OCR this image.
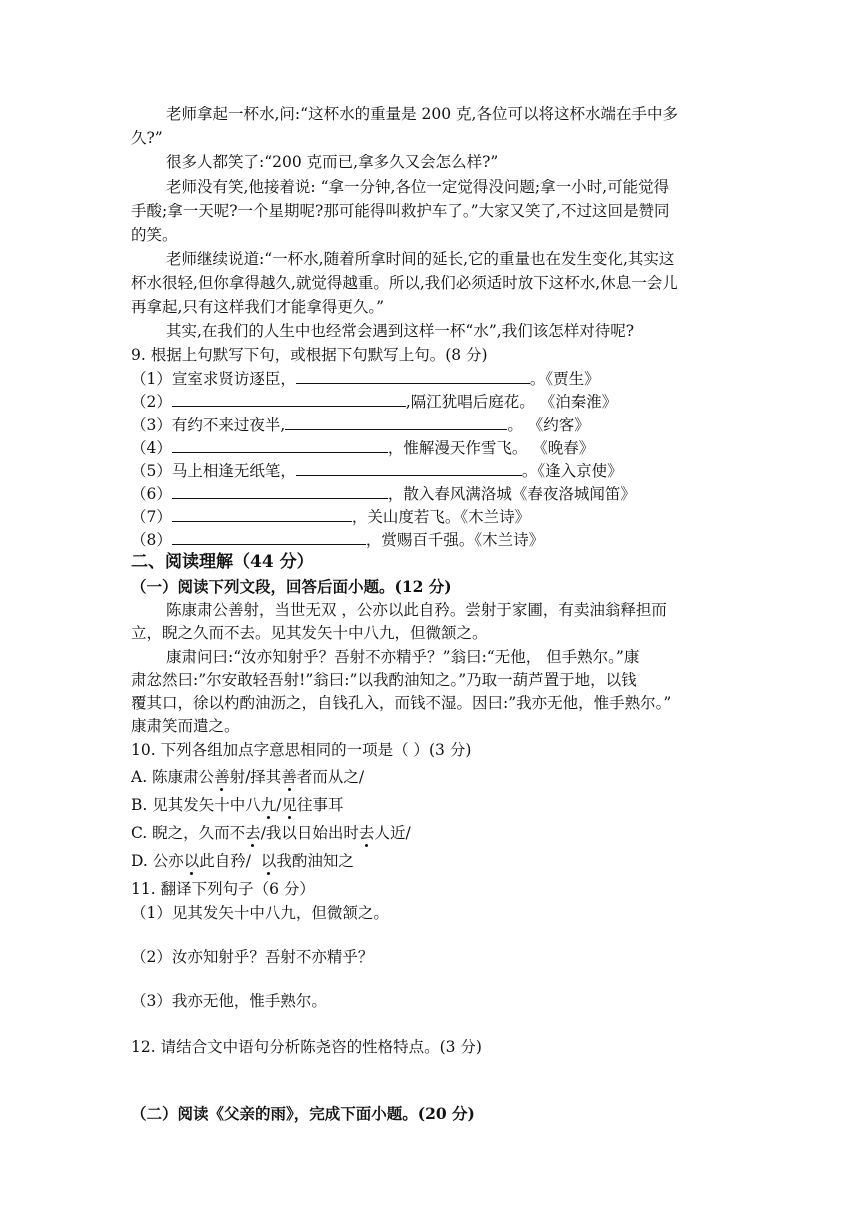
老师拿起一杯水,问:“这杯水的重量是 200 克,各位可以将这杯水端在手中多
久?”
很多人都笑了:“200 克而已,拿多久又会怎么样?”
老师没有笑,他接着说: “拿一分钟,各位一定觉得没问题;拿一小时,可能觉得
手酸;拿一天呢?一个星期呢?那可能得叫救护车了。”大家又笑了,不过这回是赞同
的笑。
老师继续说道:“一杯水,随着所拿时间的延长,它的重量也在发生变化,其实这
杯水很轻,但你拿得越久,就觉得越重。所以,我们必须适时放下这杯水,休息一会儿
再拿起,只有这样我们才能拿得更久。”
其实,在我们的人生中也经常会遇到这样一杯“水”,我们该怎样对待呢?
9. 根据上句默写下句，或根据下句默写上句。(8 分)
（1）宣室求贤访逐臣，	。《贾生》
（2）	,隔江犹唱后庭花。 《泊秦淮》
（3）有约不来过夜半,	。 《约客》
（4）	，惟解漫天作雪飞。 《晚春》
（5）马上相逢无纸笔，	。《逢入京使》
（6）	，散入春风满洛城《春夜洛城闻笛》
（7）	，关山度若飞。《木兰诗》
（8）	，赏赐百千强。《木兰诗》
二、阅读理解（44 分）
（一）阅读下列文段，回答后面小题。(12 分)
陈康肃公善射，当世无双 ，公亦以此自矜。尝射于家圃，有卖油翁释担而
立，睨之久而不去。见其发矢十中八九，但微颔之。
康肃问曰:“汝亦知射乎？吾射不亦精乎？”翁曰:“无他， 但手熟尔。”康
肃忿然曰:”尔安敢轻吾射!”翁曰:”以我酌油知之。”乃取一葫芦置于地，以钱
覆其口，徐以杓酌油沥之，自钱孔入，而钱不湿。因曰:”我亦无他，惟手熟尔。”
康肃笑而遣之。
10. 下列各组加点字意思相同的一项是（ ）(3 分)
A. 陈康肃公善射/择其善者而从之/
B. 见其发矢十中八九/见往事耳
C. 睨之，久而不去/我以日始出时去人近/
D. 公亦以此自矜/  以我酌油知之
11. 翻译下列句子（6 分）
（1）见其发矢十中八九，但微颔之。
（2）汝亦知射乎？吾射不亦精乎？
（3）我亦无他，惟手熟尔。
12. 请结合文中语句分析陈尧咨的性格特点。(3 分)
（二）阅读《父亲的雨》，完成下面小题。(20 分)
